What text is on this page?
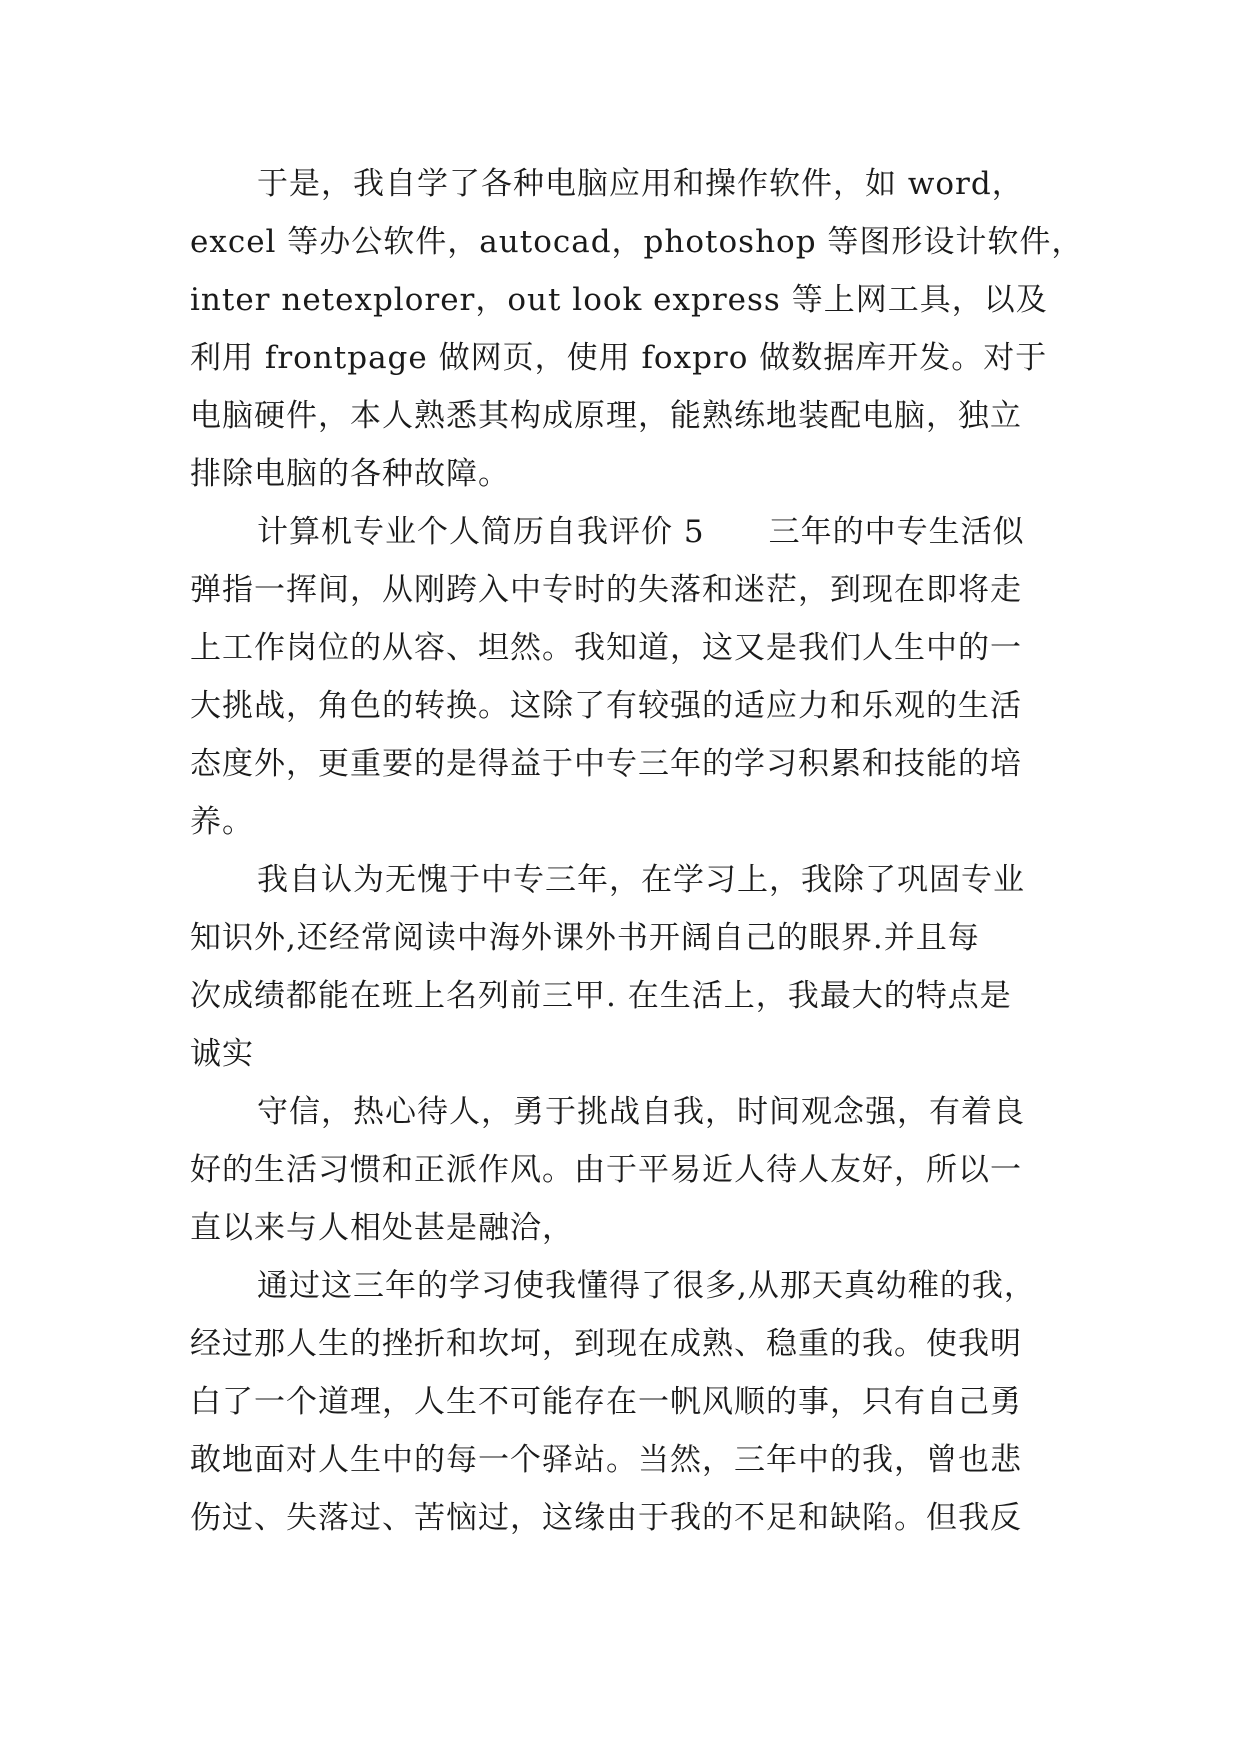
于是，我自学了各种电脑应用和操作软件，如 word，
excel 等办公软件，autocad，photoshop 等图形设计软件，
inter netexplorer，out look express 等上网工具，以及
利用 frontpage 做网页，使用 foxpro 做数据库开发。对于
电脑硬件，本人熟悉其构成原理，能熟练地装配电脑，独立
排除电脑的各种故障。
计算机专业个人简历自我评价 5　　三年的中专生活似
弹指一挥间，从刚跨入中专时的失落和迷茫，到现在即将走
上工作岗位的从容、坦然。我知道，这又是我们人生中的一
大挑战，角色的转换。这除了有较强的适应力和乐观的生活
态度外，更重要的是得益于中专三年的学习积累和技能的培
养。
我自认为无愧于中专三年，在学习上，我除了巩固专业
知识外,还经常阅读中海外课外书开阔自己的眼界.并且每
次成绩都能在班上名列前三甲. 在生活上，我最大的特点是
诚实
守信，热心待人，勇于挑战自我，时间观念强，有着良
好的生活习惯和正派作风。由于平易近人待人友好，所以一
直以来与人相处甚是融洽，
通过这三年的学习使我懂得了很多,从那天真幼稚的我，
经过那人生的挫折和坎坷，到现在成熟、稳重的我。使我明
白了一个道理，人生不可能存在一帆风顺的事，只有自己勇
敢地面对人生中的每一个驿站。当然，三年中的我，曾也悲
伤过、失落过、苦恼过，这缘由于我的不足和缺陷。但我反
